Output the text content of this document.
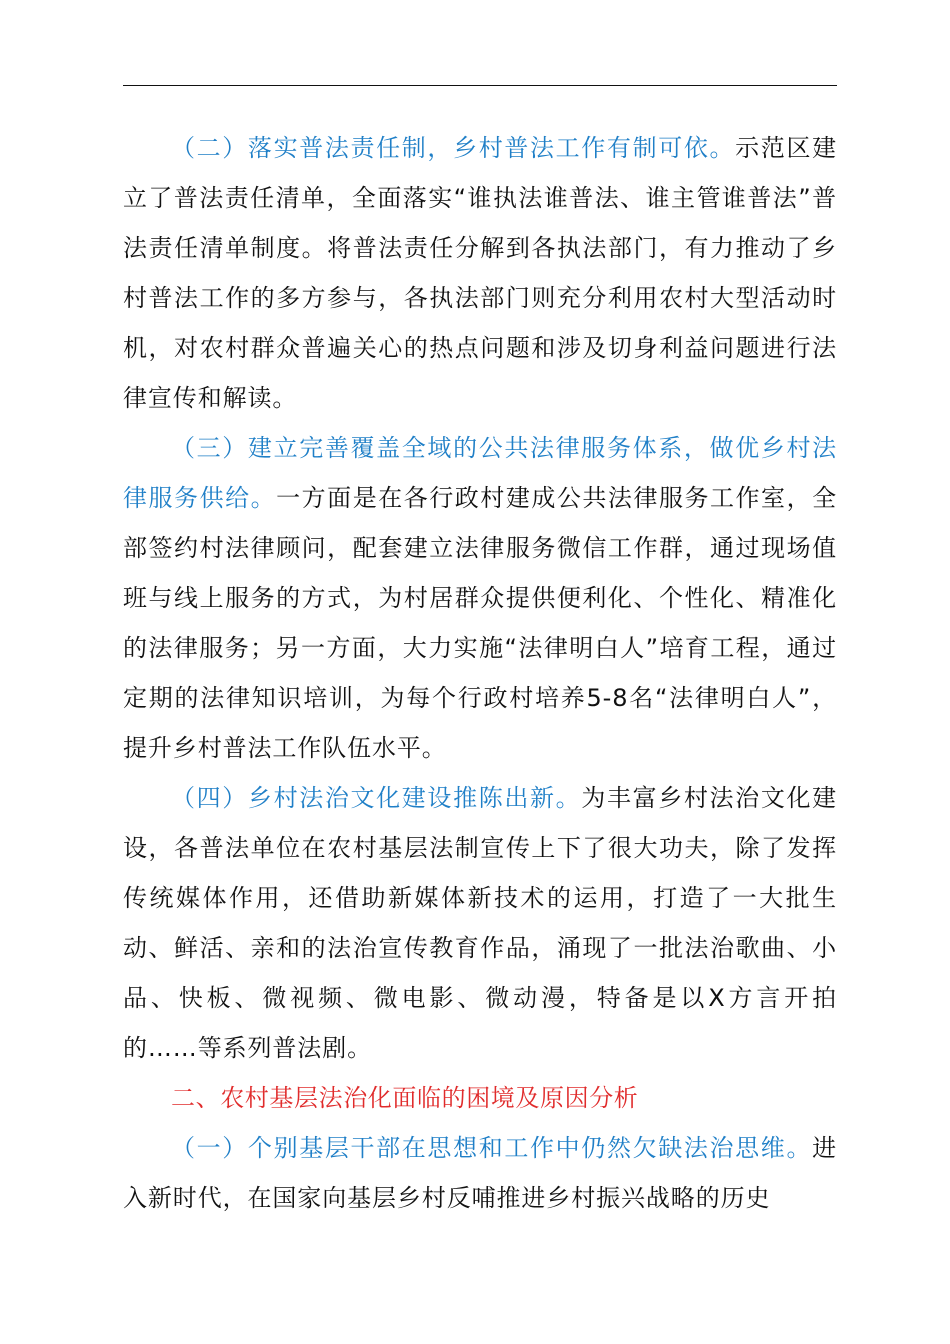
（二）落实普法责任制，乡村普法工作有制可依。示范区建立了普法责任清单，全面落实“谁执法谁普法、谁主管谁普法”普法责任清单制度。将普法责任分解到各执法部门，有力推动了乡村普法工作的多方参与，各执法部门则充分利用农村大型活动时机，对农村群众普遍关心的热点问题和涉及切身利益问题进行法律宣传和解读。

（三）建立完善覆盖全域的公共法律服务体系，做优乡村法律服务供给。一方面是在各行政村建成公共法律服务工作室，全部签约村法律顾问，配套建立法律服务微信工作群，通过现场值班与线上服务的方式，为村居群众提供便利化、个性化、精准化的法律服务；另一方面，大力实施“法律明白人”培育工程，通过定期的法律知识培训，为每个行政村培养5-8名“法律明白人”，提升乡村普法工作队伍水平。

（四）乡村法治文化建设推陈出新。为丰富乡村法治文化建设，各普法单位在农村基层法制宣传上下了很大功夫，除了发挥传统媒体作用，还借助新媒体新技术的运用，打造了一大批生动、鲜活、亲和的法治宣传教育作品，涌现了一批法治歌曲、小品、快板、微视频、微电影、微动漫，特备是以X方言开拍的……等系列普法剧。

二、农村基层法治化面临的困境及原因分析

（一）个别基层干部在思想和工作中仍然欠缺法治思维。进入新时代，在国家向基层乡村反哺推进乡村振兴战略的历史
